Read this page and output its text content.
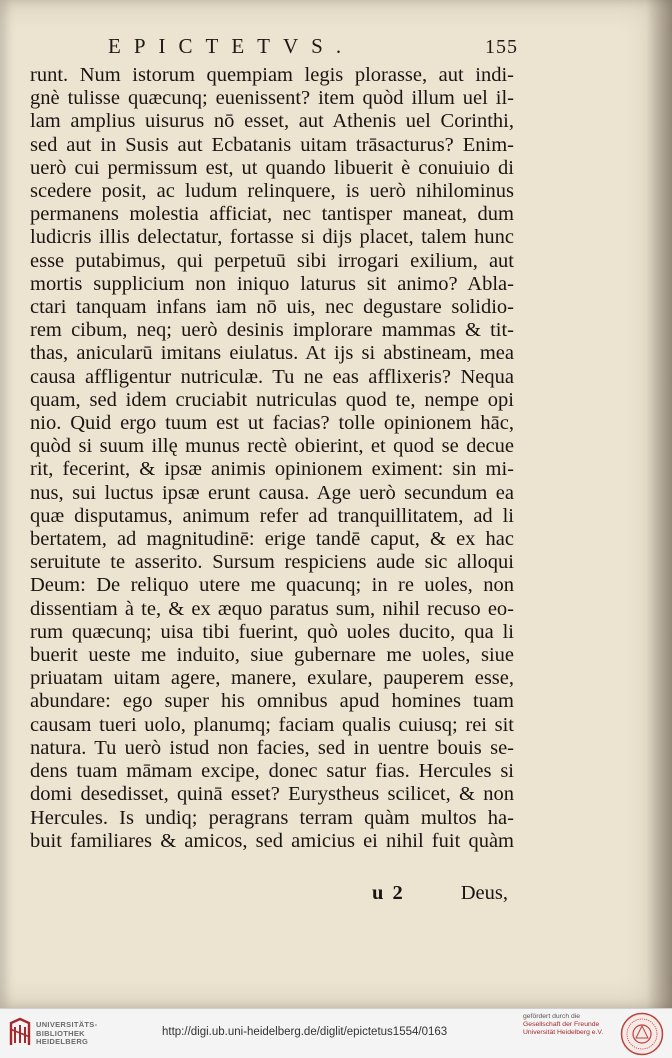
EPICTETVS.	155
runt. Num istorum quempiam legis plorasse, aut indi-
gnè tulisse quæcunq; euenissent? item quòd illum uel il-
lam amplius uisurus nō esset, aut Athenis uel Corinthi,
sed aut in Susis aut Ecbatanis uitam trāsacturus? Enim-
uerò cui permissum est, ut quando libuerit è conuiuio di
scedere posit, ac ludum relinquere, is uerò nihilominus
permanens molestia afficiat, nec tantisper maneat, dum
ludicris illis delectatur, fortasse si dijs placet, talem hunc
esse putabimus, qui perpetuū sibi irrogari exilium, aut
mortis supplicium non iniquo laturus sit animo? Abla-
ctari tanquam infans iam nō uis, nec degustare solidio-
rem cibum, neq; uerò desinis implorare mammas & tit-
thas, anicularū imitans eiulatus. At ijs si abstineam, mea
causa affligentur nutriculæ. Tu ne eas afflixeris? Nequa
quam, sed idem cruciabit nutriculas quod te, nempe opi
nio. Quid ergo tuum est ut facias? tolle opinionem hāc,
quòd si suum illę munus rectè obierint, et quod se decue
rit, fecerint, & ipsæ animis opinionem eximent: sin mi-
nus, sui luctus ipsæ erunt causa. Age uerò secundum ea
quæ disputamus, animum refer ad tranquillitatem, ad li
bertatem, ad magnitudinē: erige tandē caput, & ex hac
seruitute te asserito. Sursum respiciens aude sic alloqui
Deum: De reliquo utere me quacunq; in re uoles, non
dissentiam à te, & ex æquo paratus sum, nihil recuso eo-
rum quæcunq; uisa tibi fuerint, quò uoles ducito, qua li
buerit ueste me induito, siue gubernare me uoles, siue
priuatam uitam agere, manere, exulare, pauperem esse,
abundare: ego super his omnibus apud homines tuam
causam tueri uolo, planumq; faciam qualis cuiusq; rei sit
natura. Tu uerò istud non facies, sed in uentre bouis se-
dens tuam māmam excipe, donec satur fias. Hercules si
domi desedisset, quinā esset? Eurystheus scilicet, & non
Hercules. Is undiq; peragrans terram quàm multos ha-
buit familiares & amicos, sed amicius ei nihil fuit quàm
u 2	Deus,
UNIVERSITÄTS-
BIBLIOTHEK
HEIDELBERG
http://digi.ub.uni-heidelberg.de/diglit/epictetus1554/0163
gefördert durch die
Gesellschaft der Freunde
Universität Heidelberg e.V.
